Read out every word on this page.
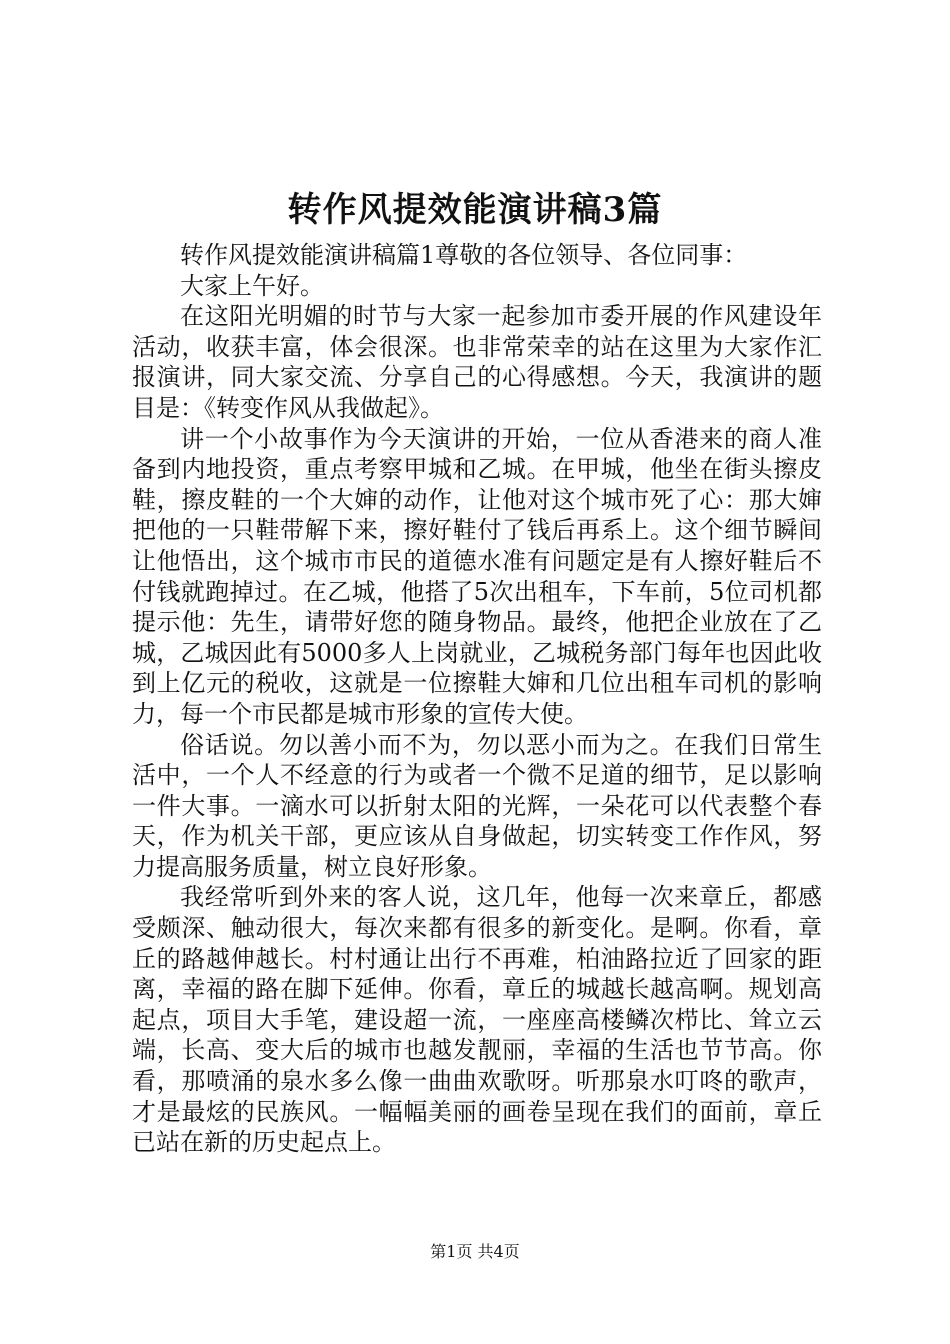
转作风提效能演讲稿3篇

转作风提效能演讲稿篇1尊敬的各位领导、各位同事：

大家上午好。

在这阳光明媚的时节与大家一起参加市委开展的作风建设年活动，收获丰富，体会很深。也非常荣幸的站在这里为大家作汇报演讲，同大家交流、分享自己的心得感想。今天，我演讲的题目是：《转变作风从我做起》。

讲一个小故事作为今天演讲的开始，一位从香港来的商人准备到内地投资，重点考察甲城和乙城。在甲城，他坐在街头擦皮鞋，擦皮鞋的一个大婶的动作，让他对这个城市死了心：那大婶把他的一只鞋带解下来，擦好鞋付了钱后再系上。这个细节瞬间让他悟出，这个城市市民的道德水准有问题定是有人擦好鞋后不付钱就跑掉过。在乙城，他搭了5次出租车，下车前，5位司机都提示他：先生，请带好您的随身物品。最终，他把企业放在了乙城，乙城因此有5000多人上岗就业，乙城税务部门每年也因此收到上亿元的税收，这就是一位擦鞋大婶和几位出租车司机的影响力，每一个市民都是城市形象的宣传大使。

俗话说。勿以善小而不为，勿以恶小而为之。在我们日常生活中，一个人不经意的行为或者一个微不足道的细节，足以影响一件大事。一滴水可以折射太阳的光辉，一朵花可以代表整个春天，作为机关干部，更应该从自身做起，切实转变工作作风，努力提高服务质量，树立良好形象。

我经常听到外来的客人说，这几年，他每一次来章丘，都感受颇深、触动很大，每次来都有很多的新变化。是啊。你看，章丘的路越伸越长。村村通让出行不再难，柏油路拉近了回家的距离，幸福的路在脚下延伸。你看，章丘的城越长越高啊。规划高起点，项目大手笔，建设超一流，一座座高楼鳞次栉比、耸立云端，长高、变大后的城市也越发靓丽，幸福的生活也节节高。你看，那喷涌的泉水多么像一曲曲欢歌呀。听那泉水叮咚的歌声，才是最炫的民族风。一幅幅美丽的画卷呈现在我们的面前，章丘已站在新的历史起点上。

第1页 共4页
